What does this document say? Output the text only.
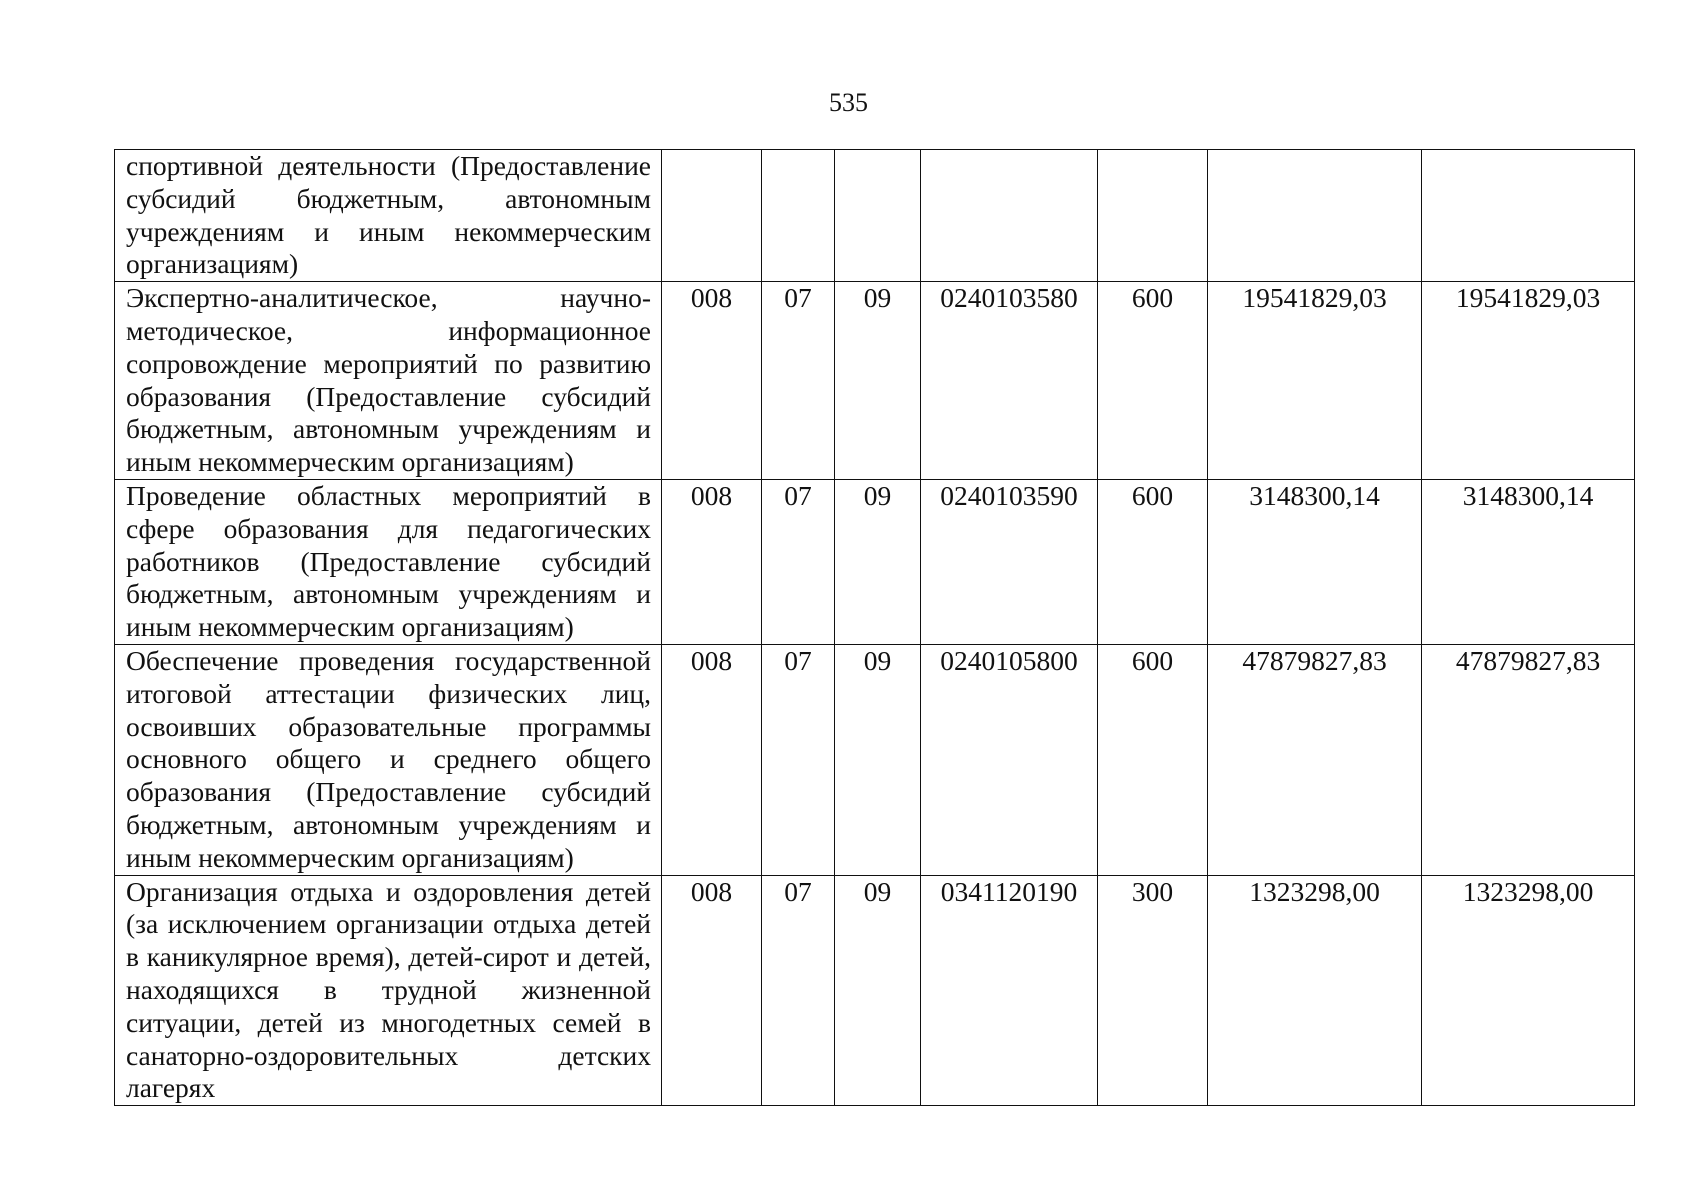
535
спортивной деятельности (Предоставление субсидий бюджетным, автономным учреждениям и иным некоммерческим организациям)							
Экспертно-аналитическое, научно-методическое, информационное сопровождение мероприятий по развитию образования (Предоставление субсидий бюджетным, автономным учреждениям и иным некоммерческим организациям)	008	07	09	0240103580	600	19541829,03	19541829,03
Проведение областных мероприятий в сфере образования для педагогических работников (Предоставление субсидий бюджетным, автономным учреждениям и иным некоммерческим организациям)	008	07	09	0240103590	600	3148300,14	3148300,14
Обеспечение проведения государственной итоговой аттестации физических лиц, освоивших образовательные программы основного общего и среднего общего образования (Предоставление субсидий бюджетным, автономным учреждениям и иным некоммерческим организациям)	008	07	09	0240105800	600	47879827,83	47879827,83
Организация отдыха и оздоровления детей (за исключением организации отдыха детей в каникулярное время), детей-сирот и детей, находящихся в трудной жизненной ситуации, детей из многодетных семей в санаторно-оздоровительных детских лагерях	008	07	09	0341120190	300	1323298,00	1323298,00
